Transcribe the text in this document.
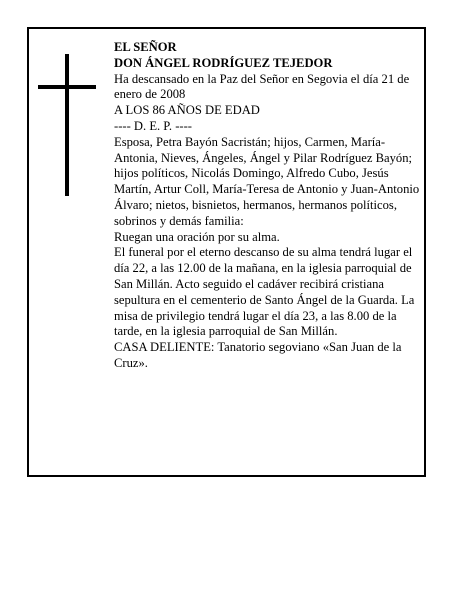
EL SEÑOR

DON ÁNGEL RODRÍGUEZ TEJEDOR

Ha descansado en la Paz del Señor en Segovia el día 21 de enero de 2008

A LOS 86 AÑOS DE EDAD

---- D. E. P. ----

Esposa, Petra Bayón Sacristán; hijos, Carmen, María-Antonia, Nieves, Ángeles, Ángel y Pilar Rodríguez Bayón; hijos políticos, Nicolás Domingo, Alfredo Cubo, Jesús Martín, Artur Coll, María-Teresa de Antonio y Juan-Antonio Álvaro; nietos, bisnietos, hermanos, hermanos políticos, sobrinos y demás familia:

Ruegan una oración por su alma.

El funeral por el eterno descanso de su alma tendrá lugar el día 22, a las 12.00 de la mañana, en la iglesia parroquial de San Millán. Acto seguido el cadáver recibirá cristiana sepultura en el cementerio de Santo Ángel de la Guarda. La misa de privilegio tendrá lugar el día 23, a las 8.00 de la tarde, en la iglesia parroquial de San Millán.

CASA DELIENTE: Tanatorio segoviano «San Juan de la Cruz».
